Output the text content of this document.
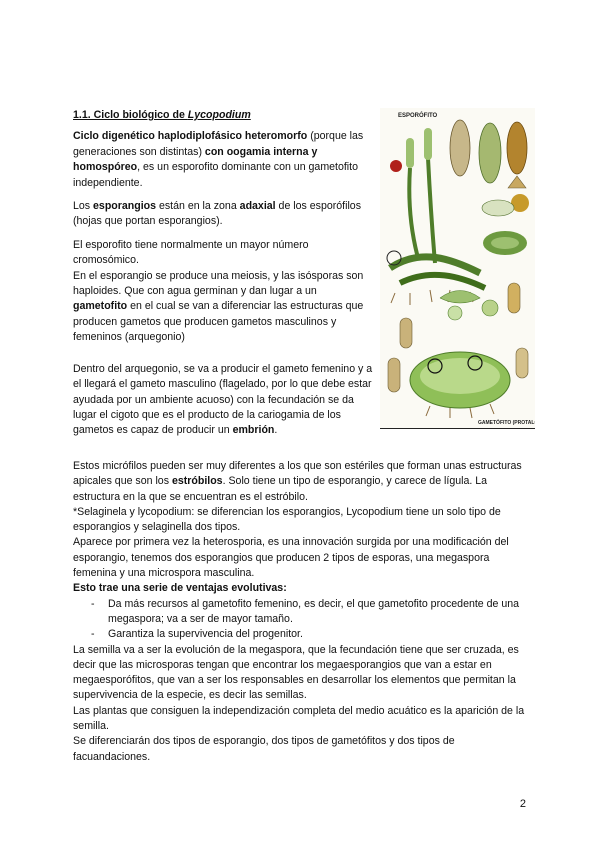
1.1. Ciclo biológico de Lycopodium

Ciclo digenético haplodiplofásico heteromorfo (porque las generaciones son distintas) con oogamia interna y homospóreo, es un esporofito dominante con un gametofito independiente.

Los esporangios están en la zona adaxial de los esporófilos (hojas que portan esporangios).

El esporofito tiene normalmente un mayor número cromosómico.
En el esporangio se produce una meiosis, y las isósporas son haploides. Que con agua germinan y dan lugar a un gametofito en el cual se van a diferenciar las estructuras que producen gametos que producen gametos masculinos y femeninos (arquegonio)

Dentro del arquegonio, se va a producir el gameto femenino y a el llegará el gameto masculino (flagelado, por lo que debe estar ayudada por un ambiente acuoso) con la fecundación se da lugar el cigoto que es el producto de la cariogamia de los gametos es capaz de producir un embrión.

ESPORÓFITO
GAMETÓFITO (PROTALO)

Estos micrófilos pueden ser muy diferentes a los que son estériles que forman unas estructuras apicales que son los estróbilos. Solo tiene un tipo de esporangio, y carece de lígula. La estructura en la que se encuentran es el estróbilo.

*Selaginela y lycopodium: se diferencian los esporangios, Lycopodium tiene un solo tipo de esporangios y selaginella dos tipos.

Aparece por primera vez la heterosporia, es una innovación surgida por una modificación del esporangio, tenemos dos esporangios que producen 2 tipos de esporas, una megaspora femenina y una microspora masculina.

Esto trae una serie de ventajas evolutivas:

- Da más recursos al gametofito femenino, es decir, el que gametofito procedente de una megaspora; va a ser de mayor tamaño.
- Garantiza la supervivencia del progenitor.

La semilla va a ser la evolución de la megaspora, que la fecundación tiene que ser cruzada, es decir que las microsporas tengan que encontrar los megaesporangios que van a estar en megaesporófitos, que van a ser los responsables en desarrollar los elementos que permitan la supervivencia de la especie, es decir las semillas.

Las plantas que consiguen la independización completa del medio acuático es la aparición de la semilla.

Se diferenciarán dos tipos de esporangio, dos tipos de gametófitos y dos tipos de facuandaciones.

2
